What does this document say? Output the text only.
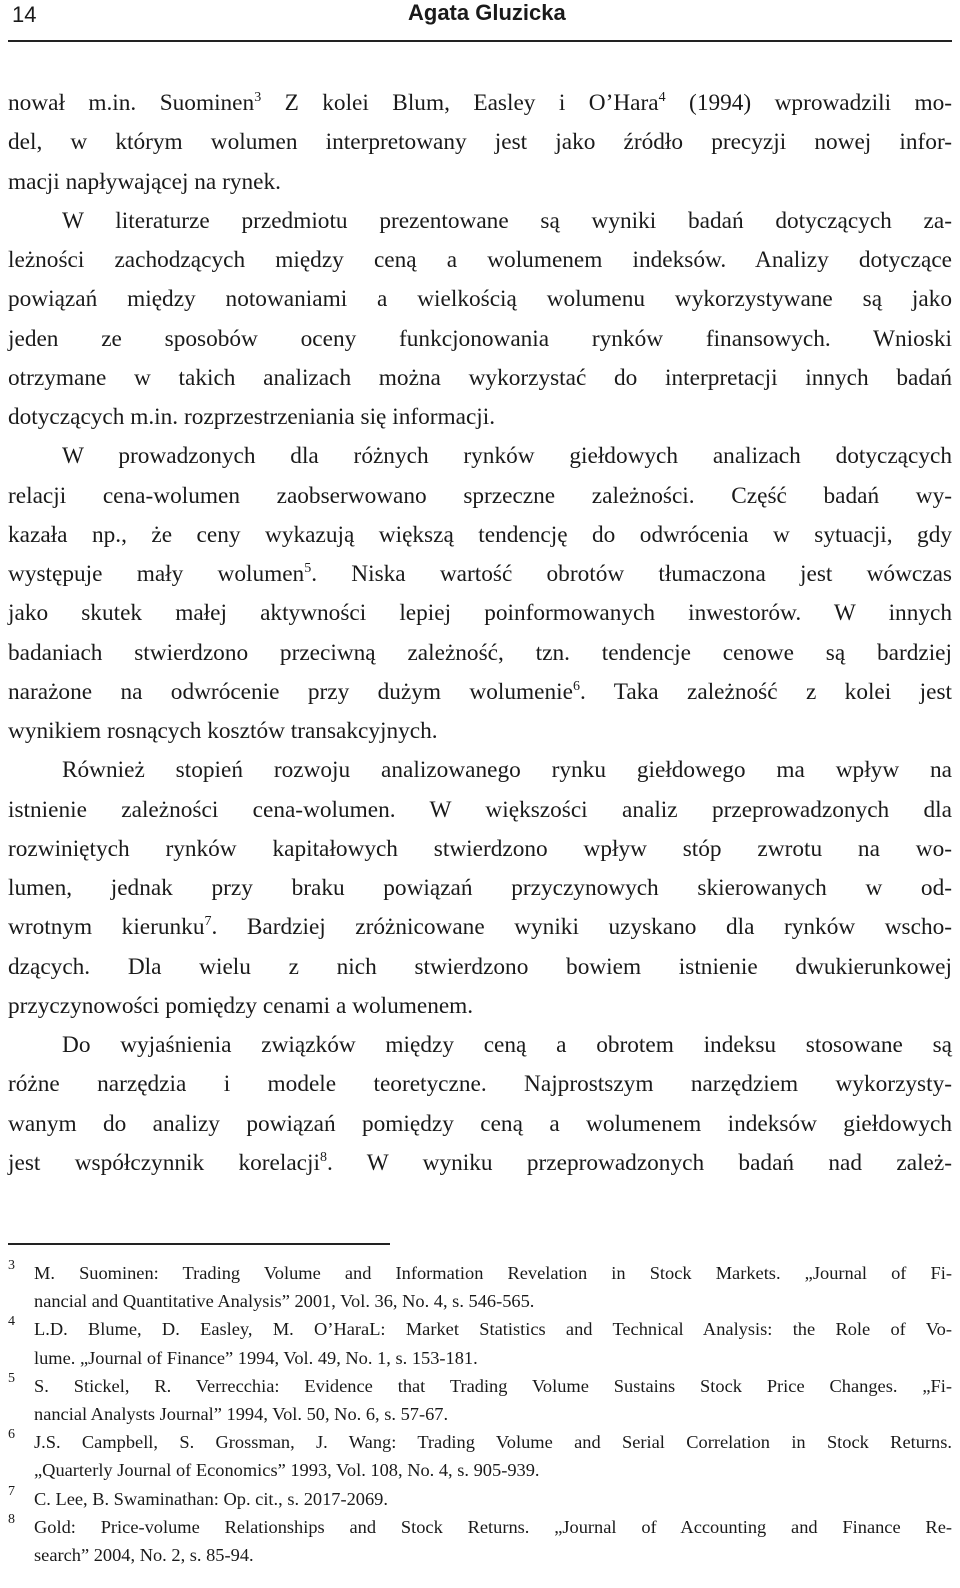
14	Agata Gluzicka
nował m.in. Suominen$^3$ Z kolei Blum, Easley i O’Hara$^4$ (1994) wprowadzili mo-
del, w którym wolumen interpretowany jest jako źródło precyzji nowej infor-
macji napływającej na rynek.
W literaturze przedmiotu prezentowane są wyniki badań dotyczących za-
leżności zachodzących między ceną a wolumenem indeksów. Analizy dotyczące
powiązań między notowaniami a wielkością wolumenu wykorzystywane są jako
jeden ze sposobów oceny funkcjonowania rynków finansowych. Wnioski
otrzymane w takich analizach można wykorzystać do interpretacji innych badań
dotyczących m.in. rozprzestrzeniania się informacji.
W prowadzonych dla różnych rynków giełdowych analizach dotyczących
relacji cena-wolumen zaobserwowano sprzeczne zależności. Część badań wy-
kazała np., że ceny wykazują większą tendencję do odwrócenia w sytuacji, gdy
występuje mały wolumen$^5$. Niska wartość obrotów tłumaczona jest wówczas
jako skutek małej aktywności lepiej poinformowanych inwestorów. W innych
badaniach stwierdzono przeciwną zależność, tzn. tendencje cenowe są bardziej
narażone na odwrócenie przy dużym wolumenie$^6$. Taka zależność z kolei jest
wynikiem rosnących kosztów transakcyjnych.
Również stopień rozwoju analizowanego rynku giełdowego ma wpływ na
istnienie zależności cena-wolumen. W większości analiz przeprowadzonych dla
rozwiniętych rynków kapitałowych stwierdzono wpływ stóp zwrotu na wo-
lumen, jednak przy braku powiązań przyczynowych skierowanych w od-
wrotnym kierunku$^7$. Bardziej zróżnicowane wyniki uzyskano dla rynków wscho-
dzących. Dla wielu z nich stwierdzono bowiem istnienie dwukierunkowej
przyczynowości pomiędzy cenami a wolumenem.
Do wyjaśnienia związków między ceną a obrotem indeksu stosowane są
różne narzędzia i modele teoretyczne. Najprostszym narzędziem wykorzysty-
wanym do analizy powiązań pomiędzy ceną a wolumenem indeksów giełdowych
jest współczynnik korelacji$^8$. W wyniku przeprowadzonych badań nad zależ-
3 M. Suominen: Trading Volume and Information Revelation in Stock Markets. „Journal of Fi-
nancial and Quantitative Analysis” 2001, Vol. 36, No. 4, s. 546-565.
4 L.D. Blume, D. Easley, M. O’HaraL: Market Statistics and Technical Analysis: the Role of Vo-
lume. „Journal of Finance” 1994, Vol. 49, No. 1, s. 153-181.
5 S. Stickel, R. Verrecchia: Evidence that Trading Volume Sustains Stock Price Changes. „Fi-
nancial Analysts Journal” 1994, Vol. 50, No. 6, s. 57-67.
6 J.S. Campbell, S. Grossman, J. Wang: Trading Volume and Serial Correlation in Stock Returns.
„Quarterly Journal of Economics” 1993, Vol. 108, No. 4, s. 905-939.
7 C. Lee, B. Swaminathan: Op. cit., s. 2017-2069.
8 Gold: Price-volume Relationships and Stock Returns. „Journal of Accounting and Finance Re-
search” 2004, No. 2, s. 85-94.
